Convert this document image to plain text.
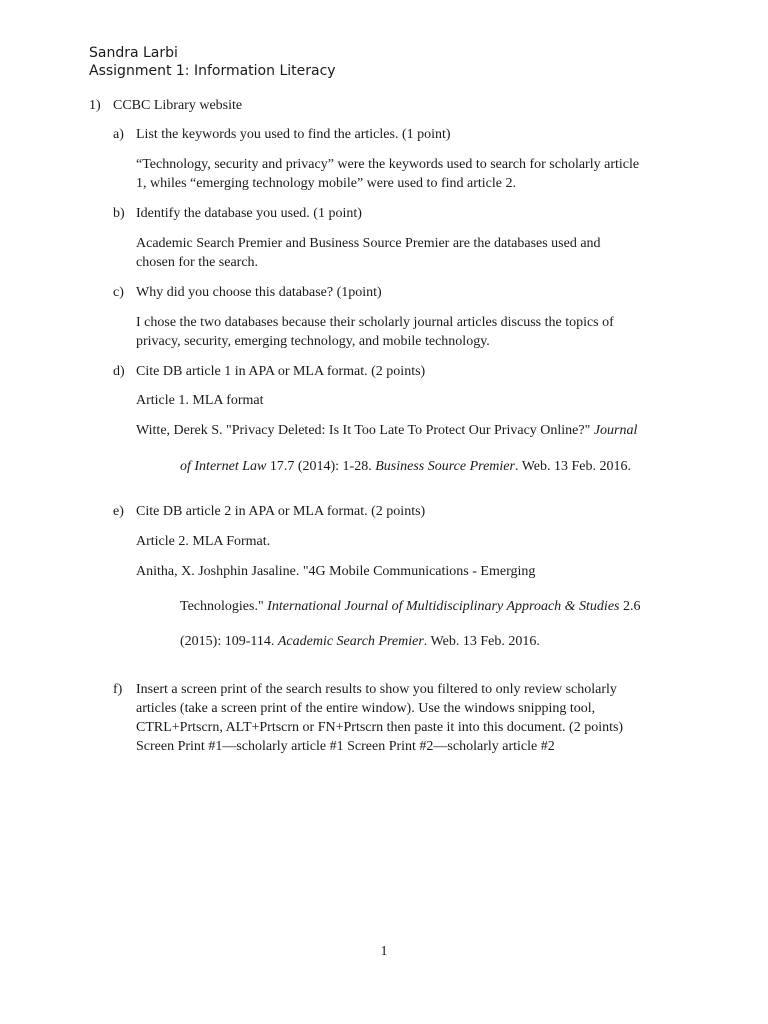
Sandra Larbi
Assignment 1: Information Literacy
1) CCBC Library website
a) List the keywords you used to find the articles. (1 point)
“Technology, security and privacy” were the keywords used to search for scholarly article
1, whiles “emerging technology mobile” were used to find article 2.
b) Identify the database you used. (1 point)
Academic Search Premier and Business Source Premier are the databases used and
chosen for the search.
c) Why did you choose this database? (1point)
I chose the two databases because their scholarly journal articles discuss the topics of
privacy, security, emerging technology, and mobile technology.
d) Cite DB article 1 in APA or MLA format. (2 points)
Article 1. MLA format
Witte, Derek S. "Privacy Deleted: Is It Too Late To Protect Our Privacy Online?" Journal
of Internet Law 17.7 (2014): 1-28. Business Source Premier. Web. 13 Feb. 2016.
e) Cite DB article 2 in APA or MLA format. (2 points)
Article 2. MLA Format.
Anitha, X. Joshphin Jasaline. "4G Mobile Communications - Emerging
Technologies." International Journal of Multidisciplinary Approach & Studies 2.6
(2015): 109-114. Academic Search Premier. Web. 13 Feb. 2016.
f) Insert a screen print of the search results to show you filtered to only review scholarly
articles (take a screen print of the entire window). Use the windows snipping tool,
CTRL+Prtscrn, ALT+Prtscrn or FN+Prtscrn then paste it into this document. (2 points)
Screen Print #1—scholarly article #1 Screen Print #2—scholarly article #2
1
